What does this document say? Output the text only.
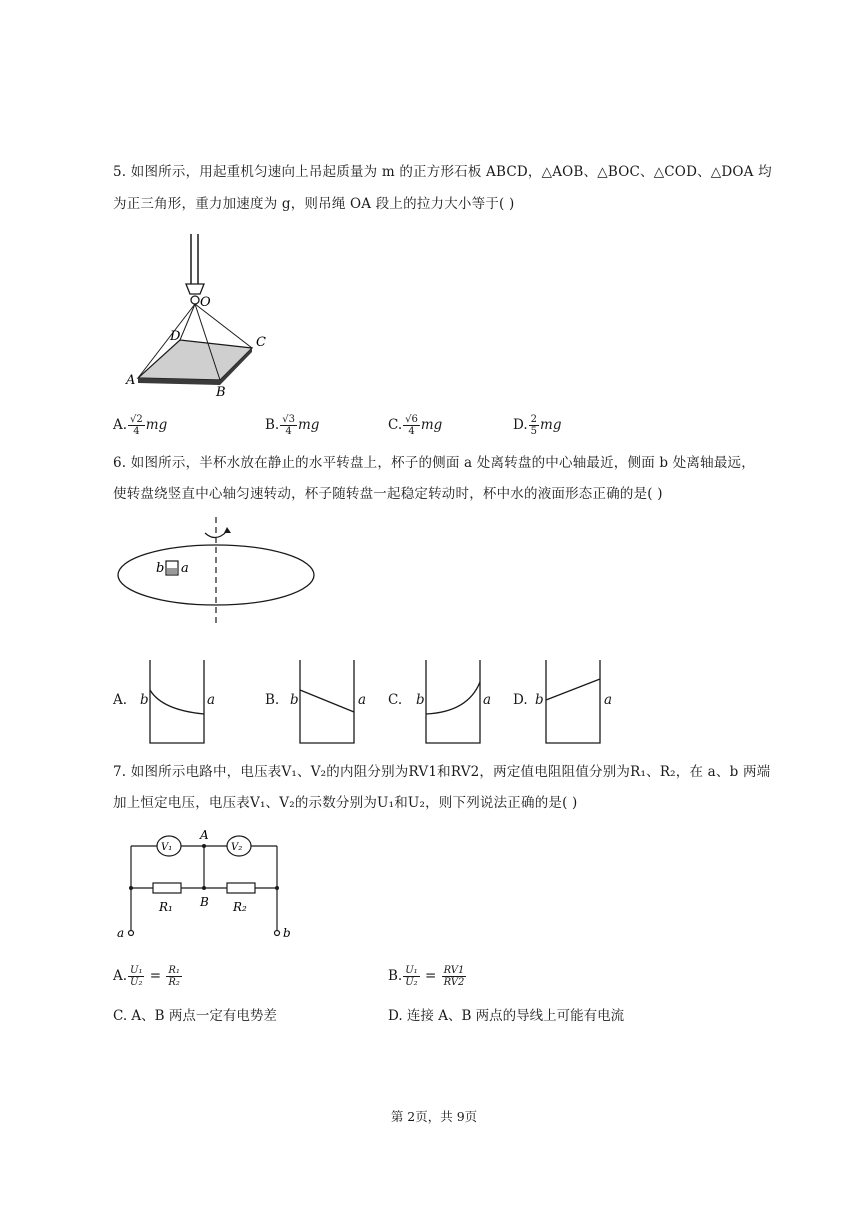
5. 如图所示，用起重机匀速向上吊起质量为 m 的正方形石板 ABCD，△AOB、△BOC、△COD、△DOA 均
为正三角形，重力加速度为 g，则吊绳 OA 段上的拉力大小等于( )
O
D	C
A
B
A. $\frac{√2}{4}$ mg	B. $\frac{√3}{4}$ mg	C. $\frac{√6}{4}$ mg	D. $\frac{2}{5}$ mg
6. 如图所示，半杯水放在静止的水平转盘上，杯子的侧面 a 处离转盘的中心轴最近，侧面 b 处离轴最远，
使转盘绕竖直中心轴匀速转动，杯子随转盘一起稳定转动时，杯中水的液面形态正确的是( )
b a
A. b	a	B. b	a C. b	a D. b	a
7. 如图所示电路中，电压表V₁、V₂的内阻分别为RV1和RV2，两定值电阻阻值分别为R₁、R₂，在 a、b 两端
加上恒定电压，电压表V₁、V₂的示数分别为U₁和U₂，则下列说法正确的是( )
V₁	V₂
A
B
R₁	R₂
a	b
A. $\frac{\text{U₁}}{\text{U₂}} = \frac{\text{R₁}}{\text{R₂}}$	B. $\frac{\text{U₁}}{\text{U₂}} = \frac{RV1}{RV2}$
C. A、B 两点一定有电势差	D. 连接 A、B 两点的导线上可能有电流
第 2页，共 9页
